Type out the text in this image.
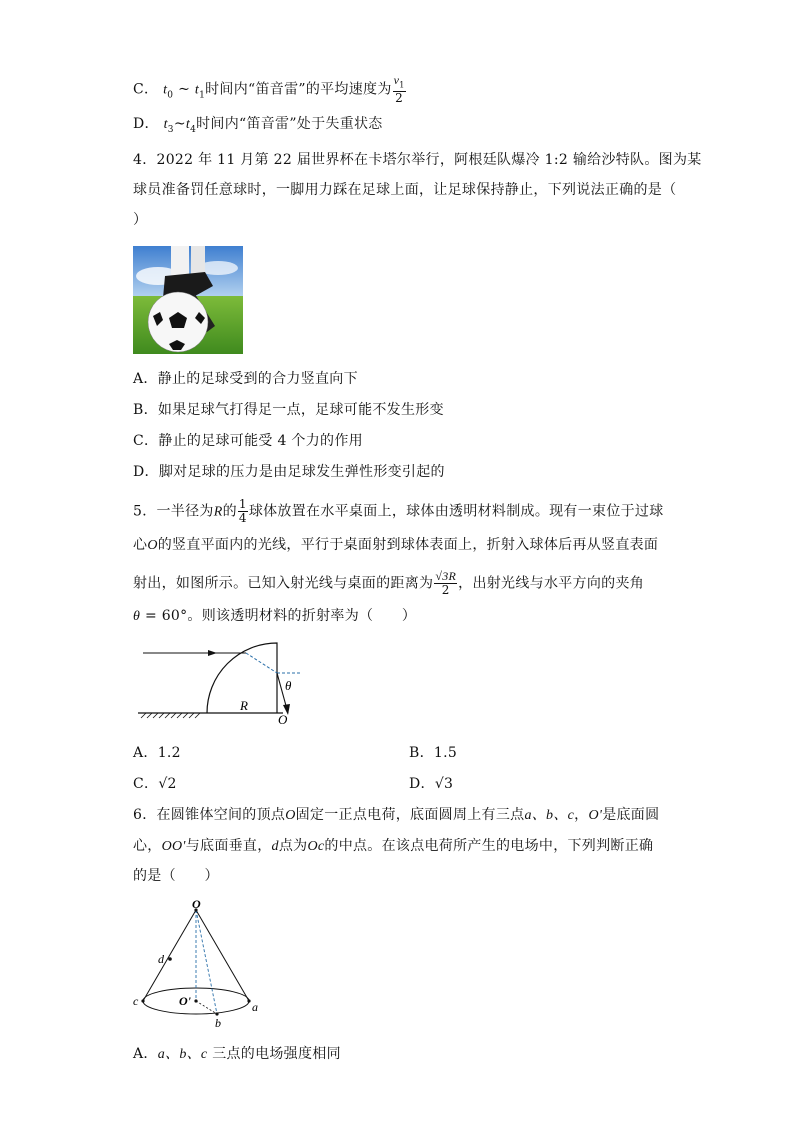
C． $t_0$ ~ $t_1$时间内“笛音雷”的平均速度为 $\frac{v_1}{2}$
D． $t_3\sim t_4$时间内“笛音雷”处于失重状态
4．2022 年 11 月第 22 届世界杯在卡塔尔举行，阿根廷队爆冷 1:2 输给沙特队。图为某
球员准备罚任意球时，一脚用力踩在足球上面，让足球保持静止，下列说法正确的是（
）
A．静止的足球受到的合力竖直向下
B．如果足球气打得足一点，足球可能不发生形变
C．静止的足球可能受 4 个力的作用
D．脚对足球的压力是由足球发生弹性形变引起的
5．一半径为R的 $\frac{1}{4}$ 球体放置在水平桌面上，球体由透明材料制成。现有一束位于过球
心O的竖直平面内的光线，平行于桌面射到球体表面上，折射入球体后再从竖直表面
射出，如图所示。已知入射光线与桌面的距离为 $\frac{√3R}{2}$ ，出射光线与水平方向的夹角
θ = 60°。则该透明材料的折射率为（　　）
θ
R
O
A．1.2	B．1.5
C．√2	D．√3
6．在圆锥体空间的顶点O固定一正点电荷，底面圆周上有三点a、b、c，O'是底面圆
心，OO'与底面垂直，d点为Oc的中点。在该点电荷所产生的电场中，下列判断正确
的是（　　）
O
d
c	O'	a
b
A．a、b、c 三点的电场强度相同
